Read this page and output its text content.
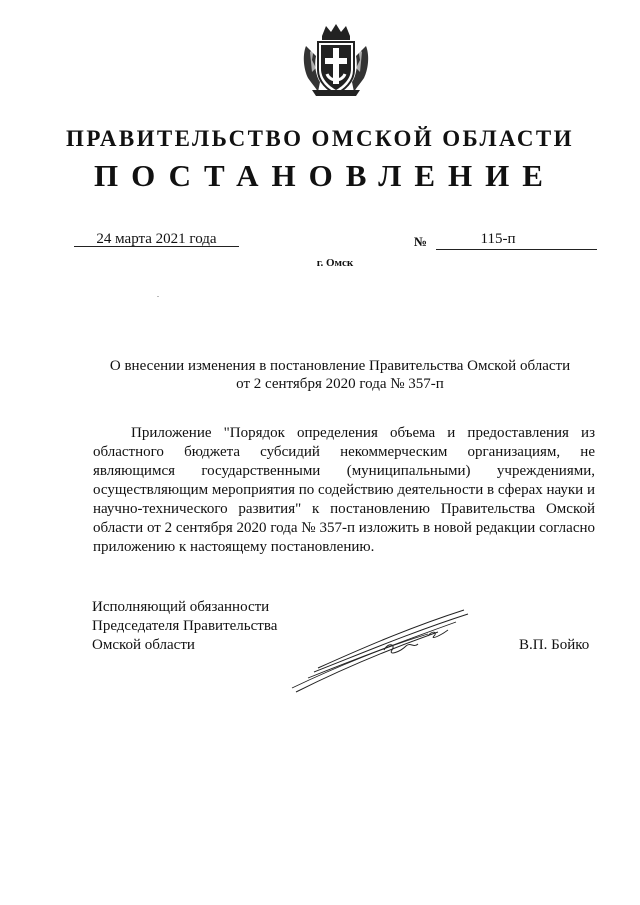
ПРАВИТЕЛЬСТВО ОМСКОЙ ОБЛАСТИ
ПОСТАНОВЛЕНИЕ
24 марта 2021 года	№	115-п
г. Омск
О внесении изменения в постановление Правительства Омской области
от 2 сентября 2020 года № 357-п
Приложение "Порядок определения объема и предоставления из областного бюджета субсидий некоммерческим организациям, не являющимся государственными (муниципальными) учреждениями, осуществляющим мероприятия по содействию деятельности в сферах науки и научно-технического развития" к постановлению Правительства Омской области от 2 сентября 2020 года № 357-п изложить в новой редакции согласно приложению к настоящему постановлению.
Исполняющий обязанности
Председателя Правительства
Омской области	В.П. Бойко
